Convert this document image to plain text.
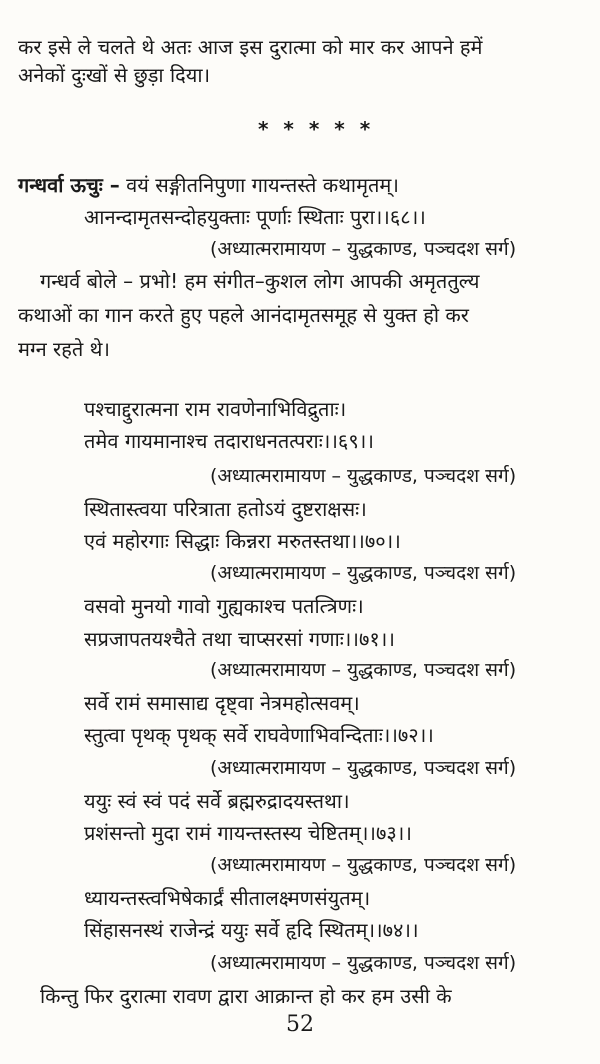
कर इसे ले चलते थे अतः आज इस दुरात्मा को मार कर आपने हमें
अनेकों दुःखों से छुड़ा दिया।
* * * * *
गन्धर्वा ऊचुः – वयं सङ्गीतनिपुणा गायन्तस्ते कथामृतम्।
आनन्दामृतसन्दोहयुक्ताः पूर्णाः स्थिताः पुरा।।६८।।
(अध्यात्मरामायण – युद्धकाण्ड, पञ्चदश सर्ग)
गन्धर्व बोले – प्रभो! हम संगीत–कुशल लोग आपकी अमृततुल्य
कथाओं का गान करते हुए पहले आनंदामृतसमूह से युक्त हो कर
मग्न रहते थे।
पश्चाद्दुरात्मना राम रावणेनाभिविद्रुताः।
तमेव गायमानाश्च तदाराधनतत्पराः।।६९।।
(अध्यात्मरामायण – युद्धकाण्ड, पञ्चदश सर्ग)
स्थितास्त्वया परित्राता हतोऽयं दुष्टराक्षसः।
एवं महोरगाः सिद्धाः किन्नरा मरुतस्तथा।।७०।।
(अध्यात्मरामायण – युद्धकाण्ड, पञ्चदश सर्ग)
वसवो मुनयो गावो गुह्यकाश्च पतत्त्रिणः।
सप्रजापतयश्चैते तथा चाप्सरसां गणाः।।७१।।
(अध्यात्मरामायण – युद्धकाण्ड, पञ्चदश सर्ग)
सर्वे रामं समासाद्य दृष्ट्वा नेत्रमहोत्सवम्।
स्तुत्वा पृथक् पृथक् सर्वे राघवेणाभिवन्दिताः।।७२।।
(अध्यात्मरामायण – युद्धकाण्ड, पञ्चदश सर्ग)
ययुः स्वं स्वं पदं सर्वे ब्रह्मरुद्रादयस्तथा।
प्रशंसन्तो मुदा रामं गायन्तस्तस्य चेष्टितम्।।७३।।
(अध्यात्मरामायण – युद्धकाण्ड, पञ्चदश सर्ग)
ध्यायन्तस्त्वभिषेकार्द्रं सीतालक्ष्मणसंयुतम्।
सिंहासनस्थं राजेन्द्रं ययुः सर्वे हृदि स्थितम्।।७४।।
(अध्यात्मरामायण – युद्धकाण्ड, पञ्चदश सर्ग)
किन्तु फिर दुरात्मा रावण द्वारा आक्रान्त हो कर हम उसी के
52
